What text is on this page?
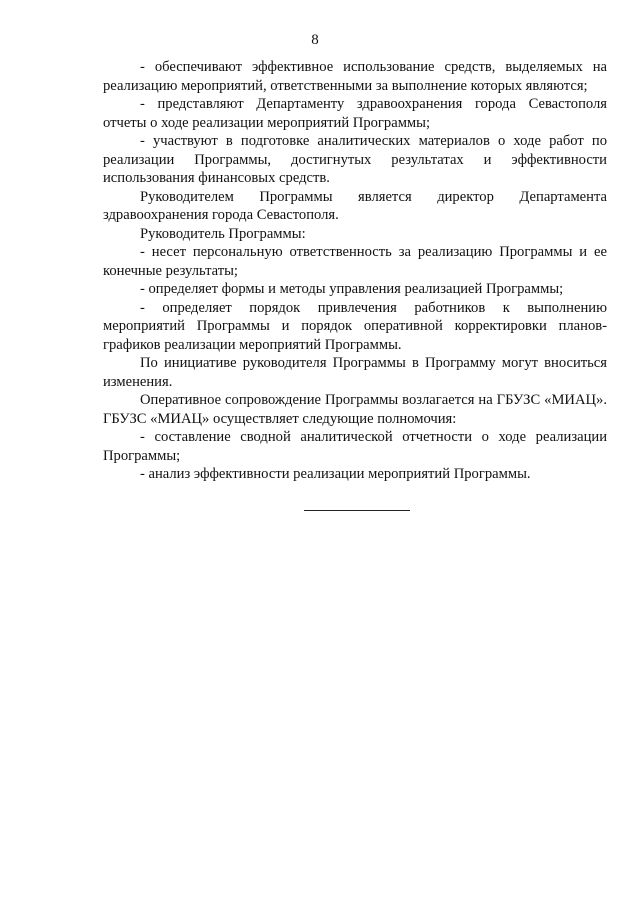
8

- обеспечивают эффективное использование средств, выделяемых на реализацию мероприятий, ответственными за выполнение которых являются;

- представляют Департаменту здравоохранения города Севастополя отчеты о ходе реализации мероприятий Программы;

- участвуют в подготовке аналитических материалов о ходе работ по реализации Программы, достигнутых результатах и эффективности использования финансовых средств.

Руководителем Программы является директор Департамента здравоохранения города Севастополя.

Руководитель Программы:

- несет персональную ответственность за реализацию Программы и ее конечные результаты;

- определяет формы и методы управления реализацией Программы;

- определяет порядок привлечения работников к выполнению мероприятий Программы и порядок оперативной корректировки планов-графиков реализации мероприятий Программы.

По инициативе руководителя Программы в Программу могут вноситься изменения.

Оперативное сопровождение Программы возлагается на ГБУЗС «МИАЦ». ГБУЗС «МИАЦ» осуществляет следующие полномочия:

- составление сводной аналитической отчетности о ходе реализации Программы;

- анализ эффективности реализации мероприятий Программы.
